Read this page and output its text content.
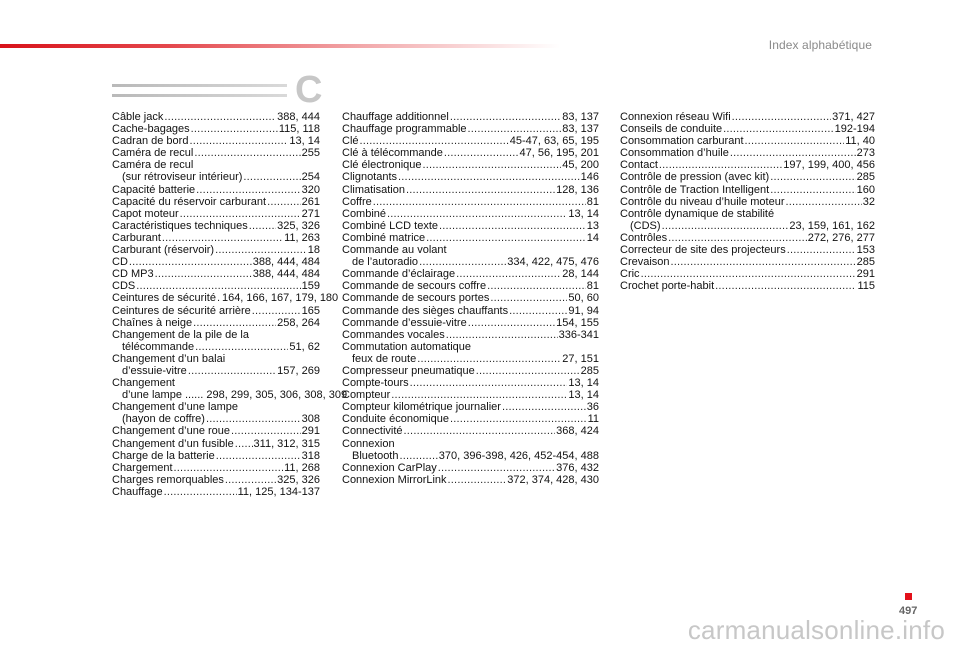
Index alphabétique
C
Câble jack .....	388, 444
Cache-bagages .....	115, 118
Cadran de bord .....	13, 14
Caméra de recul .....	255
Caméra de recul
(sur rétroviseur intérieur) .....	254
Capacité batterie .....	320
Capacité du réservoir carburant .....	261
Capot moteur .....	271
Caractéristiques techniques .....	325, 326
Carburant .....	11, 263
Carburant (réservoir) .....	18
CD .....	388, 444, 484
CD MP3 .....	388, 444, 484
CDS .....	159
Ceintures de sécurité ..... 164, 166, 167, 179, 180
Ceintures de sécurité arrière .....	165
Chaînes à neige .....	258, 264
Changement de la pile de la
télécommande .....	51, 62
Changement d’un balai
d’essuie-vitre .....	157, 269
Changement
d’une lampe ...... 298, 299, 305, 306, 308, 309
Changement d’une lampe
(hayon de coffre) .....	308
Changement d’une roue .....	291
Changement d’un fusible ..... 311, 312, 315
Charge de la batterie .....	318
Chargement .....	11, 268
Charges remorquables .....	325, 326
Chauffage .....	11, 125, 134-137
Chauffage additionnel .....	83, 137
Chauffage programmable .....	83, 137
Clé .....	45-47, 63, 65, 195
Clé à télécommande .....	47, 56, 195, 201
Clé électronique .....	45, 200
Clignotants .....	146
Climatisation .....	128, 136
Coffre .....	81
Combiné .....	13, 14
Combiné LCD texte .....	13
Combiné matrice .....	14
Commande au volant
de l’autoradio .....	334, 422, 475, 476
Commande d’éclairage .....	28, 144
Commande de secours coffre .....	81
Commande de secours portes .....	50, 60
Commande des sièges chauffants .....	91, 94
Commande d’essuie-vitre .....	154, 155
Commandes vocales .....	336-341
Commutation automatique
feux de route .....	27, 151
Compresseur pneumatique .....	285
Compte-tours .....	13, 14
Compteur .....	13, 14
Compteur kilométrique journalier .....	36
Conduite économique .....	11
Connectivité .....	368, 424
Connexion
Bluetooth .....	370, 396-398, 426, 452-454, 488
Connexion CarPlay .....	376, 432
Connexion MirrorLink .....	372, 374, 428, 430
Connexion réseau Wifi .....	371, 427
Conseils de conduite .....	192-194
Consommation carburant .....	11, 40
Consommation d’huile .....	273
Contact .....	197, 199, 400, 456
Contrôle de pression (avec kit) .....	285
Contrôle de Traction Intelligent .....	160
Contrôle du niveau d’huile moteur .....	32
Contrôle dynamique de stabilité
(CDS) .....	23, 159, 161, 162
Contrôles .....	272, 276, 277
Correcteur de site des projecteurs .....	153
Crevaison .....	285
Cric .....	291
Crochet porte-habit .....	115
497
carmanualsonline.info
